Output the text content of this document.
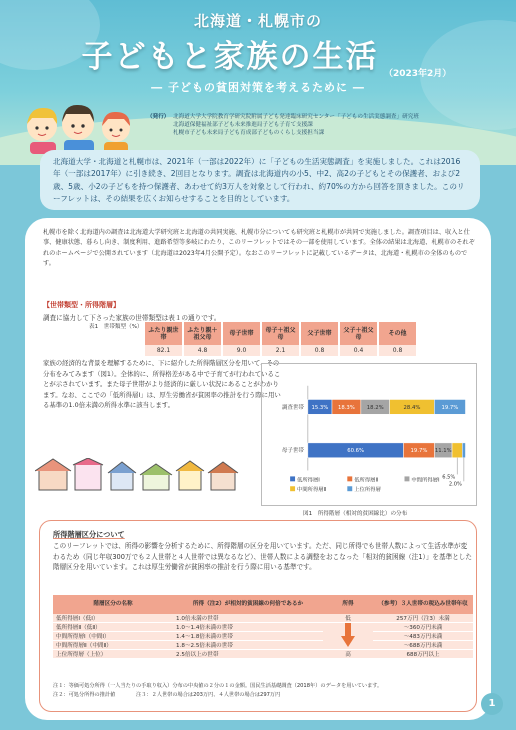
北海道・札幌市の
子どもと家族の生活 （2023年2月）
― 子どもの貧困対策を考えるために ―
（発行） 北海道大学大学院教育学研究院附属子ども発達臨床研究センター「子どもの生活実態調査」研究班
北海道保健福祉部子ども未来推進局子ども子育て支援課
札幌市子ども未来局子ども育成部子どものくらし支援担当課
北海道大学・北海道と札幌市は、2021年（一部は2022年）に「子どもの生活実態調査」を実施しました。これは2016年（一部は2017年）に引き続き、2回目となります。調査は北海道内の小5、中2、高2の子どもとその保護者、および2歳、5歳、小2の子どもを持つ保護者、あわせて約3万人を対象として行われ、約70%の方から回答を頂きました。このリーフレットは、その結果を広くお知らせすることを目的としています。
札幌市を除く北海道内の調査は北海道大学研究班と北海道の共同実施、札幌市分についても研究班と札幌市が共同で実施しました。調査項目は、収入と仕事、健康状態、暮らし向き、制度利用、進路希望等多岐にわたり、このリーフレットではその一部を使用しています。全体の結果は北海道、札幌市のそれぞれのホームページで公開されています（北海道は2023年4月公開予定）。なおこのリーフレットに記載しているデータは、北海道・札幌市の全体のものです。
【世帯類型・所得階層】
調査に協力して下さった家族の世帯類型は表１の通りです。
表1　世帯類型（%） ふたり親世帯	ふたり親＋祖父母	母子世帯	母子＋祖父母	父子世帯	父子＋祖父母	その他
82.1	4.8	9.0	2.1	0.8	0.4	0.8
家族の経済的な背景を理解するために、下に紹介した所得階層区分を用いて、その分布をみてみます（図1）。全体的に、所得格差がある中で子育てが行われていることが示されています。また母子世帯がより経済的に厳しい状況にあることがわかります。なお、ここでの「低所得層Ⅰ」は、厚生労働省が貧困率の推計を行う際に用いる基準の1.0倍未満の所得水準に該当します。	調査世帯 15.3% 18.3% 18.2%	28.4%	19.7%
母子世帯	60.6%	19.7% 11.1%
6.5%
2.0%
低所得層Ⅰ	低所得層Ⅱ	中間所得層Ⅰ
中間所得層Ⅱ	上位所得層
図1　所得階層（相対的貧困線比）の分布
所得階層区分について
このリーフレットでは、所得の影響を分析するために、所得階層の区分を用いています。ただ、同じ所得でも世帯人数によって生活水準が変わるため（同じ年収300万でも２人世帯と４人世帯では異なるなど）、世帯人数による調整をおこなった「相対的貧困線（注1）」を基準とした階層区分を用いています。これは厚生労働省が貧困率の推計を行う際に用いる基準です。
階層区分の名称	所得（注2）が相対的貧困線の何倍であるか	所得	（参考）３人世帯の税込み世帯年収
低所得層Ⅰ（低Ⅰ）	1.0倍未満の世帯	低	257万円（注3）未満
低所得層Ⅱ（低Ⅱ）	1.0～1.4倍未満の世帯		～360万円未満
中間所得層Ⅰ（中間Ⅰ）	1.4～1.8倍未満の世帯		～483万円未満
中間所得層Ⅱ（中間Ⅱ）	1.8～2.5倍未満の世帯		～688万円未満
上位所得層（上位）	2.5倍以上の世帯	高	688万円以上
注１：等価可処分所得（一人当たりの手取り収入）分布の中央値の２分の１の金額。国民生活基礎調査（2018年）のデータを用いています。
注２：可処分所得の推計値　　　　注３：２人世帯の場合は203万円、４人世帯の場合は297万円
1
